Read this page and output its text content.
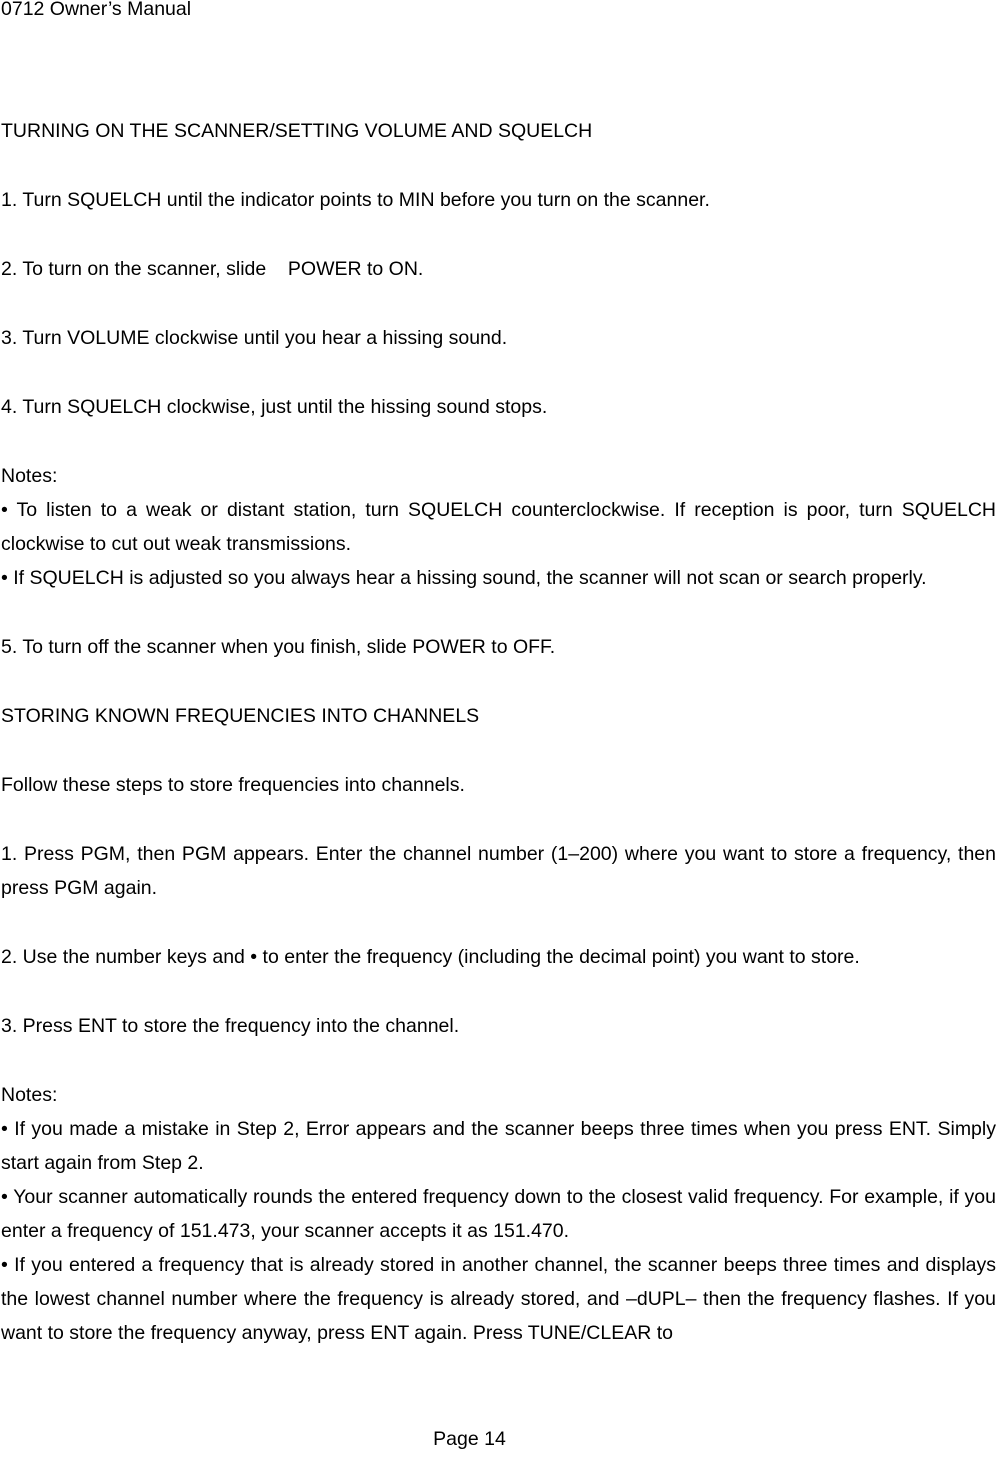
0712 Owner’s Manual

TURNING ON THE SCANNER/SETTING VOLUME AND SQUELCH

1. Turn SQUELCH until the indicator points to MIN before you turn on the scanner.

2. To turn on the scanner, slide    POWER to ON.

3. Turn VOLUME clockwise until you hear a hissing sound.

4. Turn SQUELCH clockwise, just until the hissing sound stops.

Notes:

• To listen to a weak or distant station, turn SQUELCH counterclockwise. If reception is poor, turn SQUELCH clockwise to cut out weak transmissions.

• If SQUELCH is adjusted so you always hear a hissing sound, the scanner will not scan or search properly.

5. To turn off the scanner when you finish, slide POWER to OFF.

STORING KNOWN FREQUENCIES INTO CHANNELS

Follow these steps to store frequencies into channels.

1. Press PGM, then PGM appears. Enter the channel number (1–200) where you want to store a frequency, then press PGM again.

2. Use the number keys and • to enter the frequency (including the decimal point) you want to store.

3. Press ENT to store the frequency into the channel.

Notes:

• If you made a mistake in Step 2, Error appears and the scanner beeps three times when you press ENT. Simply start again from Step 2.

• Your scanner automatically rounds the entered frequency down to the closest valid frequency. For example, if you enter a frequency of 151.473, your scanner accepts it as 151.470.

• If you entered a frequency that is already stored in another channel, the scanner beeps three times and displays the lowest channel number where the frequency is already stored, and –dUPL– then the frequency flashes. If you want to store the frequency anyway, press ENT again. Press TUNE/CLEAR to

Page 14
